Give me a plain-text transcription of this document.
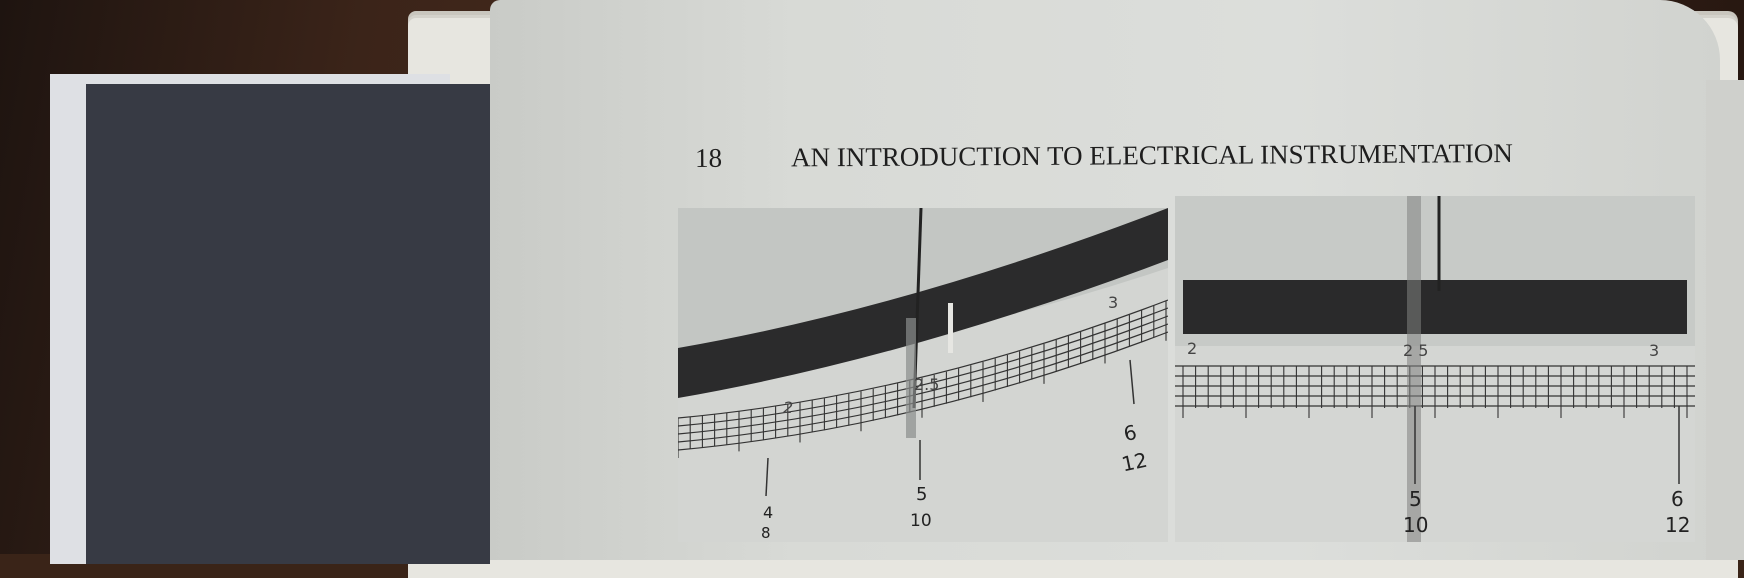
18	AN INTRODUCTION TO ELECTRICAL INSTRUMENTATION
2
2.5
3
4
5
6
8
10
12
2	2 5	3
5	6
10	12
